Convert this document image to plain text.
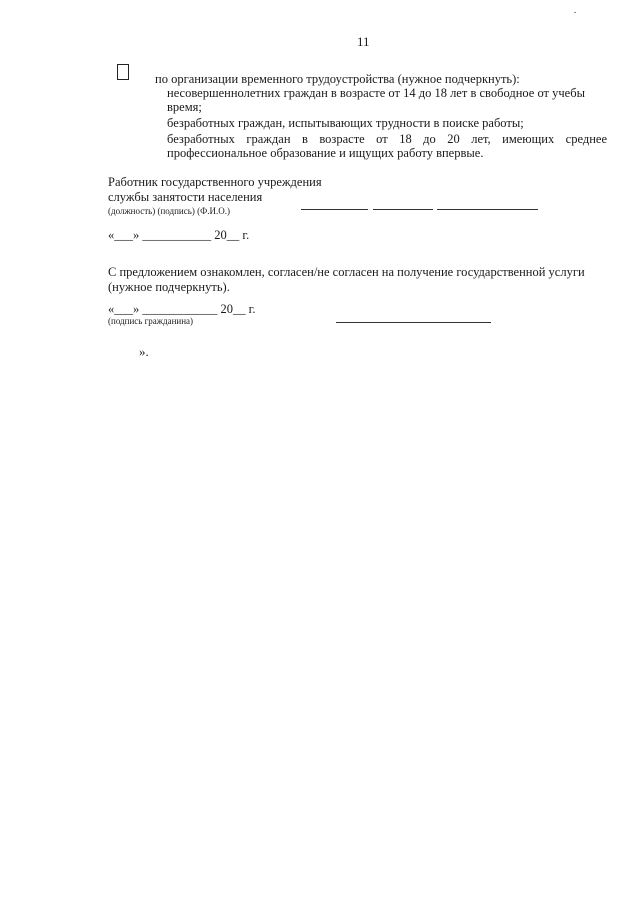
11
по организации временного трудоустройства (нужное подчеркнуть):
несовершеннолетних граждан в возрасте от 14 до 18 лет в свободное от учебы
время;
безработных граждан, испытывающих трудности в поиске работы;
безработных граждан в возрасте от 18 до 20 лет, имеющих среднее
профессиональное образование и ищущих работу впервые.
Работник государственного учреждения
службы занятости населения
(должность) (подпись) (Ф.И.О.)
«___» ___________ 20__ г.
С предложением ознакомлен, согласен/не согласен на получение государственной услуги
(нужное подчеркнуть).
«___» ____________ 20__ г.
(подпись гражданина)
».
